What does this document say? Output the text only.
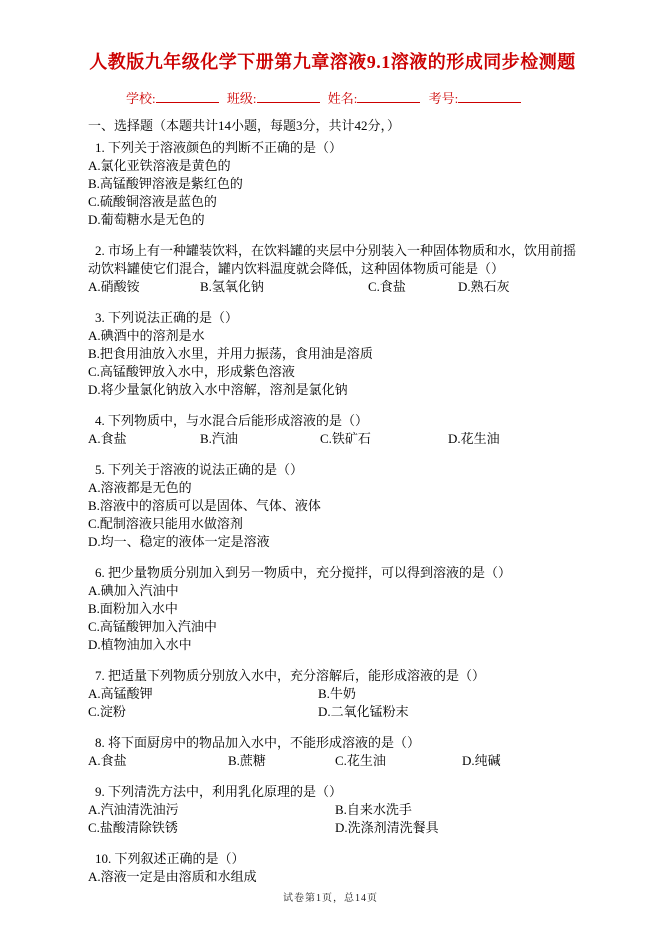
人教版九年级化学下册第九章溶液9.1溶液的形成同步检测题
学校:	班级:	姓名:	考号:
一、选择题（本题共计14小题，每题3分，共计42分，）
1. 下列关于溶液颜色的判断不正确的是（）
A.氯化亚铁溶液是黄色的
B.高锰酸钾溶液是紫红色的
C.硫酸铜溶液是蓝色的
D.葡萄糖水是无色的
2. 市场上有一种罐装饮料，在饮料罐的夹层中分别装入一种固体物质和水，饮用前摇动饮料罐使它们混合，罐内饮料温度就会降低，这种固体物质可能是（）
A.硝酸铵	B.氢氧化钠	C.食盐	D.熟石灰
3. 下列说法正确的是（）
A.碘酒中的溶剂是水
B.把食用油放入水里，并用力振荡，食用油是溶质
C.高锰酸钾放入水中，形成紫色溶液
D.将少量氯化钠放入水中溶解，溶剂是氯化钠
4. 下列物质中，与水混合后能形成溶液的是（）
A.食盐	B.汽油	C.铁矿石	D.花生油
5. 下列关于溶液的说法正确的是（）
A.溶液都是无色的
B.溶液中的溶质可以是固体、气体、液体
C.配制溶液只能用水做溶剂
D.均一、稳定的液体一定是溶液
6. 把少量物质分别加入到另一物质中，充分搅拌，可以得到溶液的是（）
A.碘加入汽油中
B.面粉加入水中
C.高锰酸钾加入汽油中
D.植物油加入水中
7. 把适量下列物质分别放入水中，充分溶解后，能形成溶液的是（）
A.高锰酸钾	B.牛奶
C.淀粉	D.二氧化锰粉末
8. 将下面厨房中的物品加入水中，不能形成溶液的是（）
A.食盐	B.蔗糖	C.花生油	D.纯碱
9. 下列清洗方法中，利用乳化原理的是（）
A.汽油清洗油污	B.自来水洗手
C.盐酸清除铁锈	D.洗涤剂清洗餐具
10. 下列叙述正确的是（）
A.溶液一定是由溶质和水组成
试卷第1页，总14页
